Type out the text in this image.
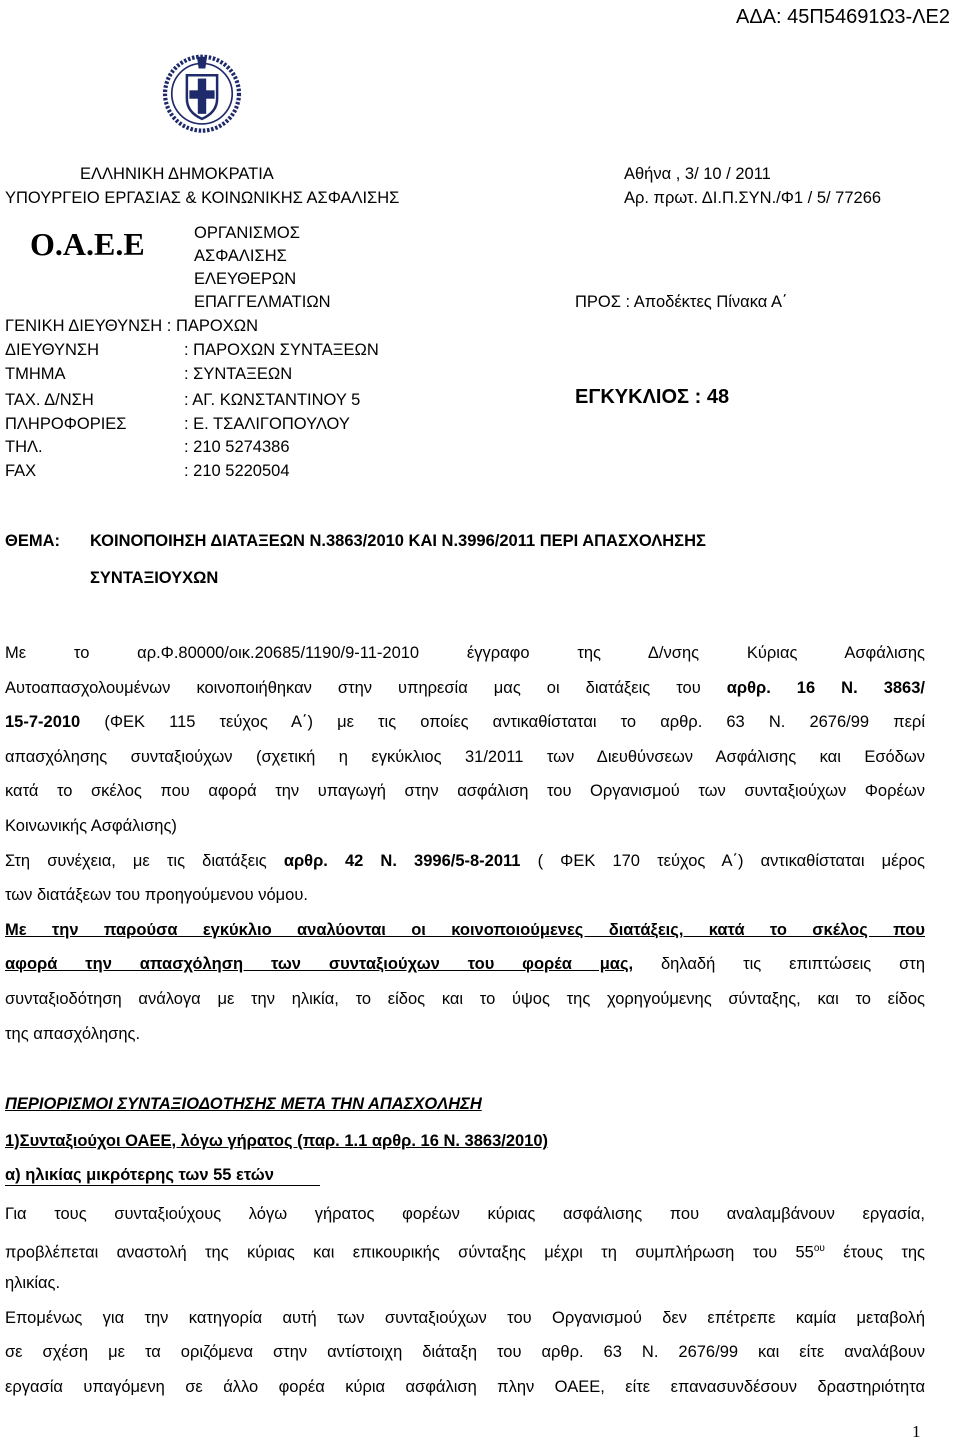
ΑΔΑ: 45Π54691Ω3-ΛΕ2
ΕΛΛΗΝΙΚΗ ΔΗΜΟΚΡΑΤΙΑ
ΥΠΟΥΡΓΕΙΟ ΕΡΓΑΣΙΑΣ & ΚΟΙΝΩΝΙΚΗΣ ΑΣΦΑΛΙΣΗΣ
Ο.Α.Ε.Ε	ΟΡΓΑΝΙΣΜΟΣ
ΑΣΦΑΛΙΣΗΣ
ΕΛΕΥΘΕΡΩΝ
ΕΠΑΓΓΕΛΜΑΤΙΩΝ
ΓΕΝΙΚΗ ΔΙΕΥΘΥΝΣΗ : ΠΑΡΟΧΩΝ
ΔΙΕΥΘΥΝΣΗ	: ΠΑΡΟΧΩΝ ΣΥΝΤΑΞΕΩΝ
ΤΜΗΜΑ	: ΣΥΝΤΑΞΕΩΝ
ΤΑΧ. Δ/ΝΣΗ	: ΑΓ. ΚΩΝΣΤΑΝΤΙΝΟΥ 5
ΠΛΗΡΟΦΟΡΙΕΣ	: Ε. ΤΣΑΛΙΓΟΠΟΥΛΟΥ
ΤΗΛ.	: 210 5274386
FAX	: 210 5220504
Αθήνα , 3/ 10 / 2011
Αρ. πρωτ. ΔΙ.Π.ΣΥΝ./Φ1 / 5/ 77266
ΠΡΟΣ : Αποδέκτες Πίνακα Α΄
ΕΓΚΥΚΛΙΟΣ : 48
ΘΕΜΑ: ΚΟΙΝΟΠΟΙΗΣΗ ΔΙΑΤΑΞΕΩΝ Ν.3863/2010 ΚΑΙ Ν.3996/2011 ΠΕΡΙ ΑΠΑΣΧΟΛΗΣΗΣ
ΣΥΝΤΑΞΙΟΥΧΩΝ
Με το αρ.Φ.80000/οικ.20685/1190/9-11-2010 έγγραφο της Δ/νσης Κύριας Ασφάλισης
Αυτοαπασχολουμένων κοινοποιήθηκαν στην υπηρεσία μας οι διατάξεις του αρθρ. 16 Ν. 3863/
15-7-2010 (ΦΕΚ 115 τεύχος Α΄) με τις οποίες αντικαθίσταται το αρθρ. 63 Ν. 2676/99 περί
απασχόλησης συνταξιούχων (σχετική η εγκύκλιος 31/2011 των Διευθύνσεων Ασφάλισης και Εσόδων
κατά το σκέλος που αφορά την υπαγωγή στην ασφάλιση του Οργανισμού των συνταξιούχων Φορέων
Κοινωνικής Ασφάλισης)
Στη συνέχεια, με τις διατάξεις αρθρ. 42 Ν. 3996/5-8-2011 ( ΦΕΚ 170 τεύχος Α΄) αντικαθίσταται μέρος
των διατάξεων του προηγούμενου νόμου.
Με την παρούσα εγκύκλιο αναλύονται οι κοινοποιούμενες διατάξεις, κατά το σκέλος που
αφορά την απασχόληση των συνταξιούχων του φορέα μας, δηλαδή τις επιπτώσεις στη
συνταξιοδότηση ανάλογα με την ηλικία, το είδος και το ύψος της χορηγούμενης σύνταξης, και το είδος
της απασχόλησης.
ΠΕΡΙΟΡΙΣΜΟΙ ΣΥΝΤΑΞΙΟΔΟΤΗΣΗΣ ΜΕΤΑ ΤΗΝ ΑΠΑΣΧΟΛΗΣΗ
1)Συνταξιούχοι ΟΑΕΕ, λόγω γήρατος (παρ. 1.1 αρθρ. 16 Ν. 3863/2010)
α) ηλικίας μικρότερης των 55 ετών
Για τους συνταξιούχους λόγω γήρατος φορέων κύριας ασφάλισης που αναλαμβάνουν εργασία,
προβλέπεται αναστολή της κύριας και επικουρικής σύνταξης μέχρι τη συμπλήρωση του $55^{o\upsilon}$ έτους της
ηλικίας.
Επομένως για την κατηγορία αυτή των συνταξιούχων του Οργανισμού δεν επέτρεπε καμία μεταβολή
σε σχέση με τα οριζόμενα στην αντίστοιχη διάταξη του αρθρ. 63 Ν. 2676/99 και είτε αναλάβουν
εργασία υπαγόμενη σε άλλο φορέα κύρια ασφάλιση πλην ΟΑΕΕ, είτε επανασυνδέσουν δραστηριότητα
1
